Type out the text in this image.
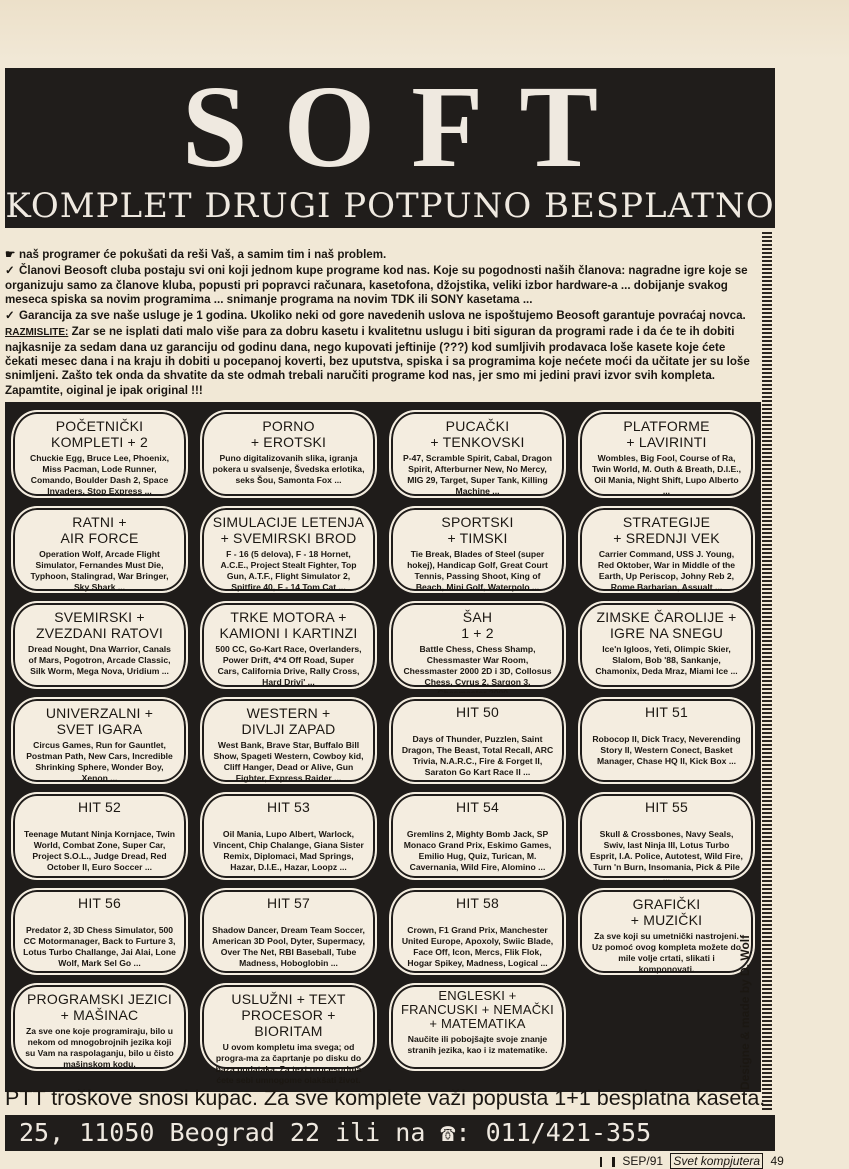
SOFT
KOMPLET DRUGI POTPUNO BESPLATNO

☛ naš programer će pokušati da reši Vaš, a samim tim i naš problem.

✓ Članovi Beosoft cluba postaju svi oni koji jednom kupe programe kod nas. Koje su pogodnosti naših članova: nagradne igre koje se organizuju samo za članove kluba, popusti pri popravci računara, kasetofona, džojstika, veliki izbor hardware-a ... dobijanje svakog meseca spiska sa novim programima ... snimanje programa na novim TDK ili SONY kasetama ...

✓ Garancija za sve naše usluge je 1 godina. Ukoliko neki od gore navedenih uslova ne ispoštujemo Beosoft garantuje povraćaj novca.

RAZMISLITE: Zar se ne isplati dati malo više para za dobru kasetu i kvalitetnu uslugu i biti siguran da programi rade i da će te ih dobiti najkasnije za sedam dana uz garanciju od godinu dana, nego kupovati jeftinije (???) kod sumljivih prodavaca loše kasete koje ćete čekati mesec dana i na kraju ih dobiti u pocepanoj koverti, bez uputstva, spiska i sa programima koje nećete moći da učitate jer su loše snimljeni. Zašto tek onda da shvatite da ste odmah trebali naručiti programe kod nas, jer smo mi jedini pravi izvor svih kompleta. Zapamtite, oiginal je ipak original !!!

POČETNIČKI
KOMPLETI + 2
Chuckie Egg, Bruce Lee, Phoenix, Miss Pacman, Lode Runner, Comando, Boulder Dash 2, Space Invaders, Stop Express ...
PORNO
+ EROTSKI
Puno digitalizovanih slika, igranja pokera u svalsenje, Švedska erlotika, seks Šou, Samonta Fox ...
PUCAČKI
+ TENKOVSKI
P-47, Scramble Spirit, Cabal, Dragon Spirit, Afterburner New, No Mercy, MIG 29, Target, Super Tank, Killing Machine ...
PLATFORME
+ LAVIRINTI
Wombles, Big Fool, Course of Ra, Twin World, M. Outh & Breath, D.I.E., Oil Mania, Night Shift, Lupo Alberto ...
RATNI +
AIR FORCE
Operation Wolf, Arcade Flight Simulator, Fernandes Must Die, Typhoon, Stalingrad, War Bringer, Sky Shark ...
SIMULACIJE LETENJA
+ SVEMIRSKI BROD
F - 16 (5 delova), F - 18 Hornet, A.C.E., Project Stealt Fighter, Top Gun, A.T.F., Flight Simulator 2, Spitfire 40, F - 14 Tom Cat ...
SPORTSKI
+ TIMSKI
Tie Break, Blades of Steel (super hokej), Handicap Golf, Great Court Tennis, Passing Shoot, King of Beach, Mini Golf, Waterpolo ...
STRATEGIJE
+ SREDNJI VEK
Carrier Command, USS J. Young, Red Oktober, War in Middle of the Earth, Up Periscop, Johny Reb 2, Rome Barbarian, Assualt ...
SVEMIRSKI +
ZVEZDANI RATOVI
Dread Nought, Dna Warrior, Canals of Mars, Pogotron, Arcade Classic, Silk Worm, Mega Nova, Uridium ...
TRKE MOTORA +
KAMIONI I KARTINZI
500 CC, Go-Kart Race, Overlanders, Power Drift, 4*4 Off Road, Super Cars, California Drive, Rally Cross, Hard Drivi' ...
ŠAH
1 + 2
Battle Chess, Chess Shamp, Chessmaster War Room, Chessmaster 2000 2D i 3D, Collosus Chess, Cyrus 2, Sargon 3,
ZIMSKE ČAROLIJE +
IGRE NA SNEGU
Ice'n Igloos, Yeti, Olimpic Skier, Slalom, Bob '88, Sankanje, Chamonix, Deda Mraz, Miami Ice ...
UNIVERZALNI +
SVET IGARA
Circus Games, Run for Gauntlet, Postman Path, New Cars, Incredible Shrinking Sphere, Wonder Boy, Xenon ...
WESTERN +
DIVLJI ZAPAD
West Bank, Brave Star, Buffalo Bill Show, Spageti Western, Cowboy kid, Cliff Hanger, Dead or Alive, Gun Fighter, Express Raider ...
HIT 50
Days of Thunder, Puzzlen, Saint Dragon, The Beast, Total Recall, ARC Trivia, N.A.R.C., Fire & Forget II, Saraton Go Kart Race II ...
HIT 51
Robocop II, Dick Tracy, Neverending Story II, Western Conect, Basket Manager, Chase HQ II, Kick Box ...
HIT 52
Teenage Mutant Ninja Kornjace, Twin World, Combat Zone, Super Car, Project S.O.L., Judge Dread, Red October II, Euro Soccer ...
HIT 53
Oil Mania, Lupo Albert, Warlock, Vincent, Chip Chalange, Giana Sister Remix, Diplomaci, Mad Springs, Hazar, D.I.E., Hazar, Loopz ...
HIT 54
Gremlins 2, Mighty Bomb Jack, SP Monaco Grand Prix, Eskimo Games, Emilio Hug, Quiz, Turican, M. Cavernania, Wild Fire, Alomino ...
HIT 55
Skull & Crossbones, Navy Seals, Swiv, last Ninja III, Lotus Turbo Esprit, I.A. Police, Autotest, Wild Fire, Turn 'n Burn, Insomania, Pick & Pile ...
HIT 56
Predator 2, 3D Chess Simulator, 500 CC Motormanager, Back to Furture 3, Lotus Turbo Challange, Jai Alai, Lone Wolf, Mark Sel Go ...
HIT 57
Shadow Dancer, Dream Team Soccer, American 3D Pool, Dyter, Supermacy, Over The Net, RBI Baseball, Tube Madness, Hoboglobin ...
HIT 58
Crown, F1 Grand Prix, Manchester United Europe, Apoxoly, Swiic Blade, Face Off, Icon, Mercs, Flik Flok, Hogar Spikey, Madness, Logical ...
GRAFIČKI
+ MUZIČKI
Za sve koji su umetnički nastrojeni. Uz pomoć ovog kompleta možete do mile volje crtati, slikati i komponovati.
PROGRAMSKI JEZICI
+ MAŠINAC
Za sve one koje programiraju, bilo u nekom od mnogobrojnih jezika koji su Vam na raspolaganju, bilo u čisto mašinskom kodu.
USLUŽNI + TEXT
PROCESOR + BIORITAM
U ovom kompletu ima svega; od progra-ma za čaprtanje po disku do baza podataka. Za text procesorima ćete sebi umnogome olakšati život.
ENGLESKI +
FRANCUSKI + NEMAČKI
+ MATEMATIKA
Naučite ili pobojšajte svoje znanje stranih jezika, kao i iz matematike.
PTT troškove snosi kupac. Za sve komplete važi popusta 1+1 besplatna kaseta.
25, 11050 Beograd 22 ili na ☎: 011/421-355
Designe & made by D. Wolf
SEP/91 Svet kompjutera 49
